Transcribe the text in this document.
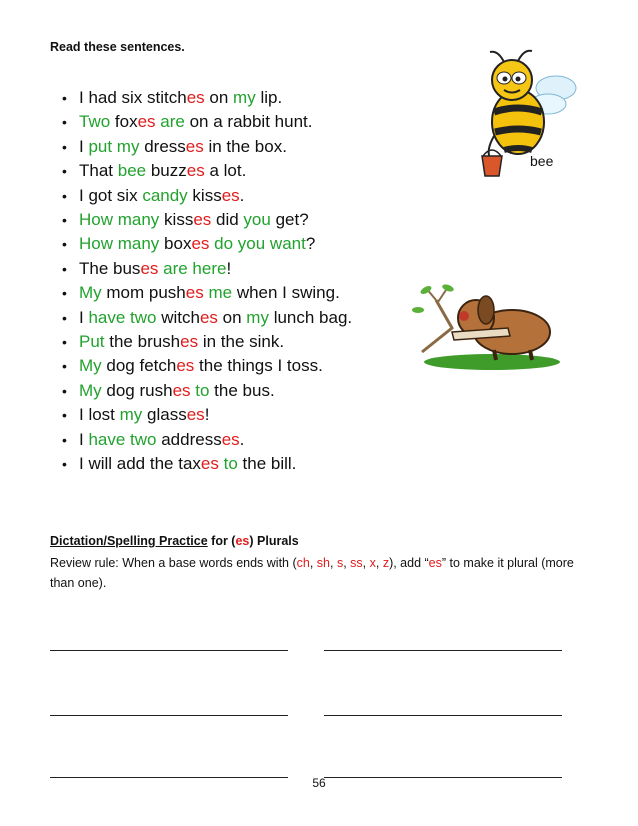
Read these sentences.
• I had six stitches on my lip.
• Two foxes are on a rabbit hunt.
• I put my dresses in the box.
• That bee buzzes a lot.
• I got six candy kisses.
• How many kisses did you get?
• How many boxes do you want?
• The buses are here!
• My mom pushes me when I swing.
• I have two witches on my lunch bag.
• Put the brushes in the sink.
• My dog fetches the things I toss.
• My dog rushes to the bus.
• I lost my glasses!
• I have two addresses.
• I will add the taxes to the bill.
bee
Dictation/Spelling Practice for (es) Plurals
Review rule: When a base words ends with (ch, sh, s, ss, x, z), add “es” to make it plural (more than one).
56
